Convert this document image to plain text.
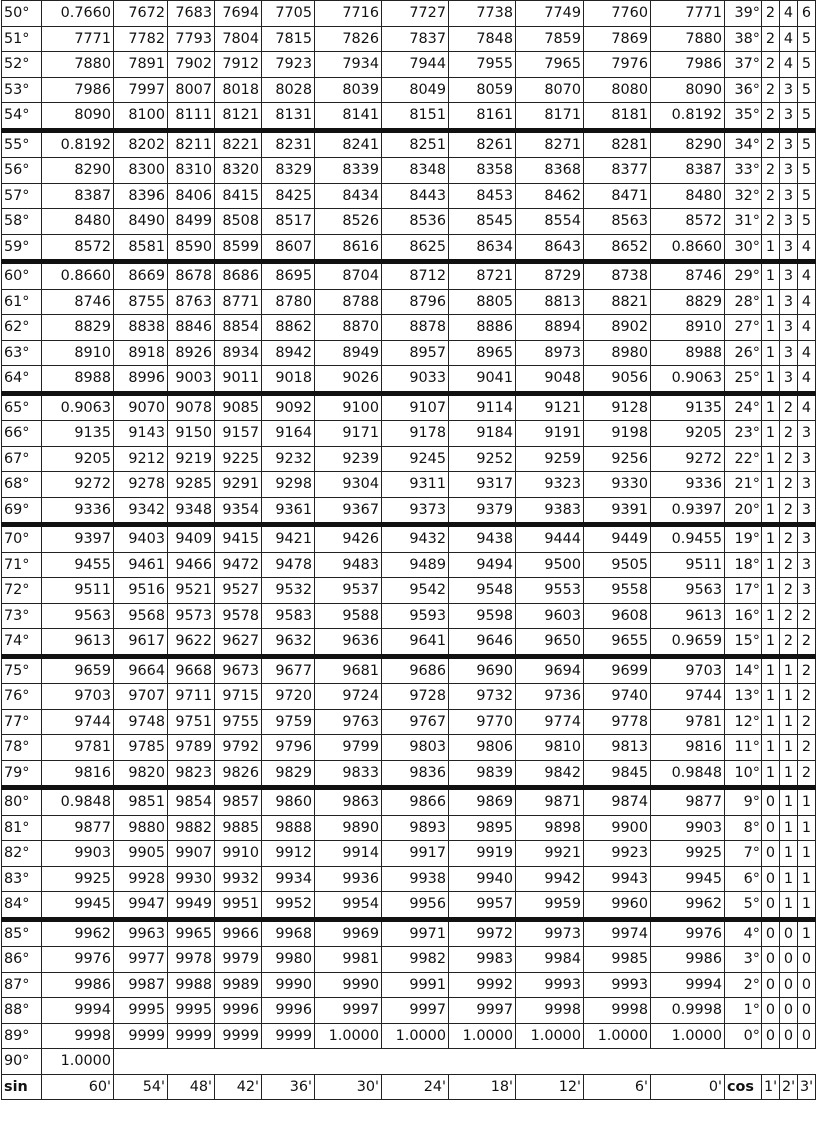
50°	0.7660	7672	7683	7694	7705	7716	7727	7738	7749	7760	7771	39°	2	4	6
51°	7771	7782	7793	7804	7815	7826	7837	7848	7859	7869	7880	38°	2	4	5
52°	7880	7891	7902	7912	7923	7934	7944	7955	7965	7976	7986	37°	2	4	5
53°	7986	7997	8007	8018	8028	8039	8049	8059	8070	8080	8090	36°	2	3	5
54°	8090	8100	8111	8121	8131	8141	8151	8161	8171	8181	0.8192	35°	2	3	5
55°	0.8192	8202	8211	8221	8231	8241	8251	8261	8271	8281	8290	34°	2	3	5
56°	8290	8300	8310	8320	8329	8339	8348	8358	8368	8377	8387	33°	2	3	5
57°	8387	8396	8406	8415	8425	8434	8443	8453	8462	8471	8480	32°	2	3	5
58°	8480	8490	8499	8508	8517	8526	8536	8545	8554	8563	8572	31°	2	3	5
59°	8572	8581	8590	8599	8607	8616	8625	8634	8643	8652	0.8660	30°	1	3	4
60°	0.8660	8669	8678	8686	8695	8704	8712	8721	8729	8738	8746	29°	1	3	4
61°	8746	8755	8763	8771	8780	8788	8796	8805	8813	8821	8829	28°	1	3	4
62°	8829	8838	8846	8854	8862	8870	8878	8886	8894	8902	8910	27°	1	3	4
63°	8910	8918	8926	8934	8942	8949	8957	8965	8973	8980	8988	26°	1	3	4
64°	8988	8996	9003	9011	9018	9026	9033	9041	9048	9056	0.9063	25°	1	3	4
65°	0.9063	9070	9078	9085	9092	9100	9107	9114	9121	9128	9135	24°	1	2	4
66°	9135	9143	9150	9157	9164	9171	9178	9184	9191	9198	9205	23°	1	2	3
67°	9205	9212	9219	9225	9232	9239	9245	9252	9259	9256	9272	22°	1	2	3
68°	9272	9278	9285	9291	9298	9304	9311	9317	9323	9330	9336	21°	1	2	3
69°	9336	9342	9348	9354	9361	9367	9373	9379	9383	9391	0.9397	20°	1	2	3
70°	9397	9403	9409	9415	9421	9426	9432	9438	9444	9449	0.9455	19°	1	2	3
71°	9455	9461	9466	9472	9478	9483	9489	9494	9500	9505	9511	18°	1	2	3
72°	9511	9516	9521	9527	9532	9537	9542	9548	9553	9558	9563	17°	1	2	3
73°	9563	9568	9573	9578	9583	9588	9593	9598	9603	9608	9613	16°	1	2	2
74°	9613	9617	9622	9627	9632	9636	9641	9646	9650	9655	0.9659	15°	1	2	2
75°	9659	9664	9668	9673	9677	9681	9686	9690	9694	9699	9703	14°	1	1	2
76°	9703	9707	9711	9715	9720	9724	9728	9732	9736	9740	9744	13°	1	1	2
77°	9744	9748	9751	9755	9759	9763	9767	9770	9774	9778	9781	12°	1	1	2
78°	9781	9785	9789	9792	9796	9799	9803	9806	9810	9813	9816	11°	1	1	2
79°	9816	9820	9823	9826	9829	9833	9836	9839	9842	9845	0.9848	10°	1	1	2
80°	0.9848	9851	9854	9857	9860	9863	9866	9869	9871	9874	9877	9°	0	1	1
81°	9877	9880	9882	9885	9888	9890	9893	9895	9898	9900	9903	8°	0	1	1
82°	9903	9905	9907	9910	9912	9914	9917	9919	9921	9923	9925	7°	0	1	1
83°	9925	9928	9930	9932	9934	9936	9938	9940	9942	9943	9945	6°	0	1	1
84°	9945	9947	9949	9951	9952	9954	9956	9957	9959	9960	9962	5°	0	1	1
85°	9962	9963	9965	9966	9968	9969	9971	9972	9973	9974	9976	4°	0	0	1
86°	9976	9977	9978	9979	9980	9981	9982	9983	9984	9985	9986	3°	0	0	0
87°	9986	9987	9988	9989	9990	9990	9991	9992	9993	9993	9994	2°	0	0	0
88°	9994	9995	9995	9996	9996	9997	9997	9997	9998	9998	0.9998	1°	0	0	0
89°	9998	9999	9999	9999	9999	1.0000	1.0000	1.0000	1.0000	1.0000	1.0000	0°	0	0	0
90°	1.0000														
sin	60'	54'	48'	42'	36'	30'	24'	18'	12'	6'	0'	cos	1'	2'	3'
